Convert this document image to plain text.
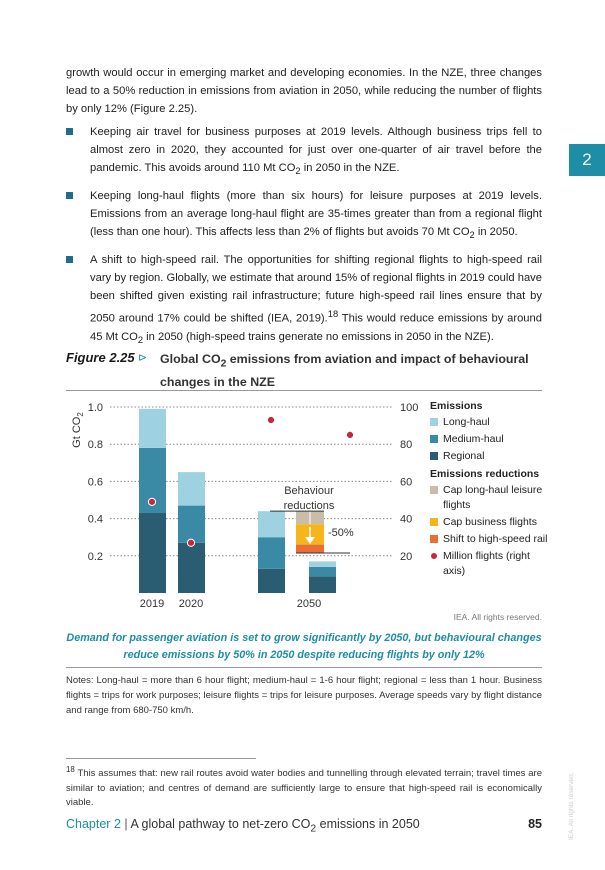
growth would occur in emerging market and developing economies. In the NZE, three changes lead to a 50% reduction in emissions from aviation in 2050, while reducing the number of flights by only 12% (Figure 2.25).
2
Keeping air travel for business purposes at 2019 levels. Although business trips fell to almost zero in 2020, they accounted for just over one-quarter of air travel before the pandemic. This avoids around 110 Mt $CO_2$ in 2050 in the NZE.
Keeping long-haul flights (more than six hours) for leisure purposes at 2019 levels. Emissions from an average long-haul flight are 35-times greater than from a regional flight (less than one hour). This affects less than 2% of flights but avoids 70 Mt $CO_2$ in 2050.
A shift to high-speed rail. The opportunities for shifting regional flights to high-speed rail vary by region. Globally, we estimate that around 15% of regional flights in 2019 could have been shifted given existing rail infrastructure; future high-speed rail lines ensure that by 2050 around 17% could be shifted (IEA, 2019).$^{18}$ This would reduce emissions by around 45 Mt $CO_2$ in 2050 (high-speed trains generate no emissions in 2050 in the NZE).
Figure 2.25 ⊳ Global $CO_2$ emissions from aviation and impact of behavioural changes in the NZE
Behaviour
reductions
-50%
0.2	20
0.4	40
0.6	60
0.8	80
1.0	100
Gt $CO_2$
2019 2020	2050
Emissions
Long-haul
Medium-haul
Regional
Emissions reductions
Cap long-haul leisure flights
Cap business flights
Shift to high-speed rail
Million flights (right axis)
IEA. All rights reserved.
Demand for passenger aviation is set to grow significantly by 2050, but behavioural changes reduce emissions by 50% in 2050 despite reducing flights by only 12%
Notes: Long-haul = more than 6 hour flight; medium-haul = 1-6 hour flight; regional = less than 1 hour. Business flights = trips for work purposes; leisure flights = trips for leisure purposes. Average speeds vary by flight distance and range from 680-750 km/h.
$^{18}$ This assumes that: new rail routes avoid water bodies and tunnelling through elevated terrain; travel times are similar to aviation; and centres of demand are sufficiently large to ensure that high-speed rail is economically viable.
Chapter 2 | A global pathway to net-zero $CO_2$ emissions in 2050	85	IEA. All rights reserved.
